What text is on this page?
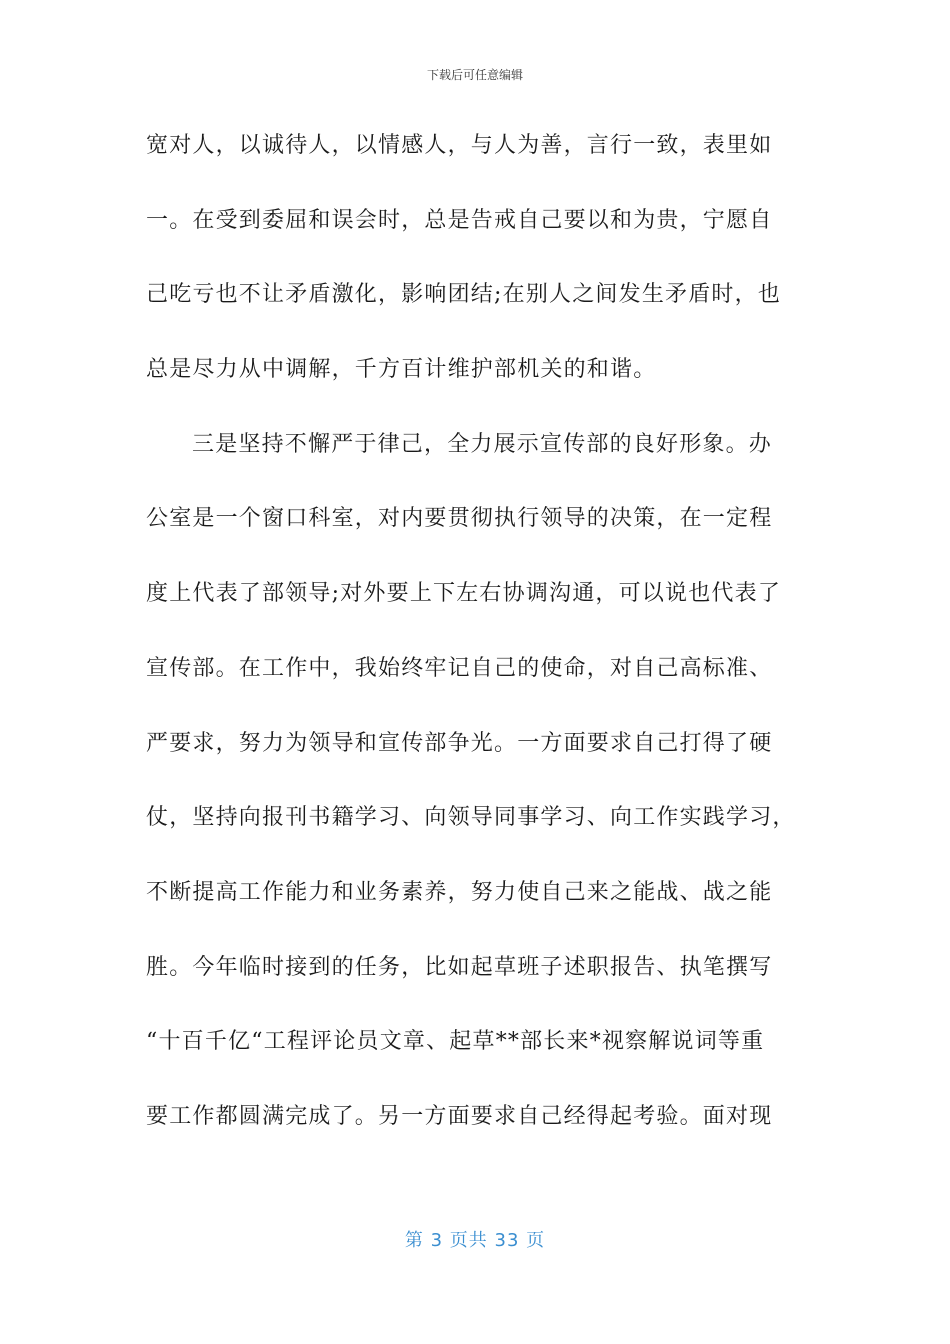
下载后可任意编辑
宽对人，以诚待人，以情感人，与人为善，言行一致，表里如
一。在受到委屈和误会时，总是告戒自己要以和为贵，宁愿自
己吃亏也不让矛盾激化，影响团结;在别人之间发生矛盾时，也
总是尽力从中调解，千方百计维护部机关的和谐。
三是坚持不懈严于律己，全力展示宣传部的良好形象。办
公室是一个窗口科室，对内要贯彻执行领导的决策，在一定程
度上代表了部领导;对外要上下左右协调沟通，可以说也代表了
宣传部。在工作中，我始终牢记自己的使命，对自己高标准、
严要求，努力为领导和宣传部争光。一方面要求自己打得了硬
仗，坚持向报刊书籍学习、向领导同事学习、向工作实践学习，
不断提高工作能力和业务素养，努力使自己来之能战、战之能
胜。今年临时接到的任务，比如起草班子述职报告、执笔撰写
“十百千亿“工程评论员文章、起草**部长来*视察解说词等重
要工作都圆满完成了。另一方面要求自己经得起考验。面对现
第 3 页共 33 页
